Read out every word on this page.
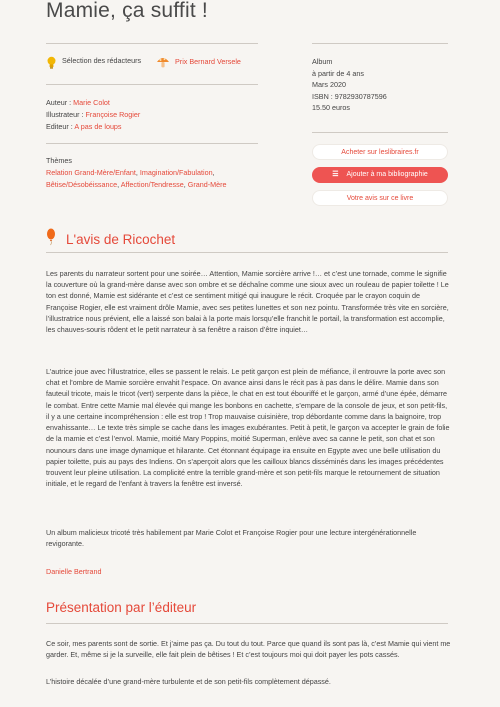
Mamie, ça suffit !
Sélection des rédacteurs	Prix Bernard Versele
Auteur : Marie Colot
Illustrateur : Françoise Rogier
Editeur : A pas de loups
Thèmes
Relation Grand-Mère/Enfant, Imagination/Fabulation,
Bêtise/Désobéissance, Affection/Tendresse, Grand-Mère
Album
à partir de 4 ans
Mars 2020
ISBN : 9782930787596
15.50 euros
Acheter sur leslibraires.fr
☰ Ajouter à ma bibliographie
Votre avis sur ce livre
L'avis de Ricochet

Les parents du narrateur sortent pour une soirée… Attention, Mamie sorcière arrive !… et c’est une tornade, comme le signifie la couverture où la grand-mère danse avec son ombre et se déchaîne comme une sioux avec un rouleau de papier toilette ! Le ton est donné, Mamie est sidérante et c’est ce sentiment mitigé qui inaugure le récit. Croquée par le crayon coquin de Françoise Rogier, elle est vraiment drôle Mamie, avec ses petites lunettes et son nez pointu. Transformée très vite en sorcière, l’illustratrice nous prévient, elle a laissé son balai à la porte mais lorsqu’elle franchit le portail, la transformation est accomplie, les chauves-souris rôdent et le petit narrateur à sa fenêtre a raison d’être inquiet…

L’autrice joue avec l’illustratrice, elles se passent le relais. Le petit garçon est plein de méfiance, il entrouvre la porte avec son chat et l’ombre de Mamie sorcière envahit l’espace. On avance ainsi dans le récit pas à pas dans le délire. Mamie dans son fauteuil tricote, mais le tricot (vert) serpente dans la pièce, le chat en est tout ébouriffé et le garçon, armé d’une épée, démarre le combat. Entre cette Mamie mal élevée qui mange les bonbons en cachette, s’empare de la console de jeux, et son petit-fils, il y a une certaine incompréhension : elle est trop ! Trop mauvaise cuisinière, trop débordante comme dans la baignoire, trop envahissante… Le texte très simple se cache dans les images exubérantes. Petit à petit, le garçon va accepter le grain de folie de la mamie et c’est l’envol. Mamie, moitié Mary Poppins, moitié Superman, enlève avec sa canne le petit, son chat et son nounours dans une image dynamique et hilarante. Cet étonnant équipage ira ensuite en Egypte avec une belle utilisation du papier toilette, puis au pays des Indiens. On s’aperçoit alors que les cailloux blancs disséminés dans les images précédentes trouvent leur pleine utilisation. La complicité entre la terrible grand-mère et son petit-fils marque le retournement de situation initiale, et le regard de l’enfant à travers la fenêtre est inversé.

Un album malicieux tricoté très habilement par Marie Colot et Françoise Rogier pour une lecture intergénérationnelle revigorante.

Danielle Bertrand
Présentation par l’éditeur

Ce soir, mes parents sont de sortie. Et j’aime pas ça. Du tout du tout. Parce que quand ils sont pas là, c’est Mamie qui vient me garder. Et, même si je la surveille, elle fait plein de bêtises ! Et c’est toujours moi qui doit payer les pots cassés.

L’histoire décalée d’une grand-mère turbulente et de son petit-fils complètement dépassé.
